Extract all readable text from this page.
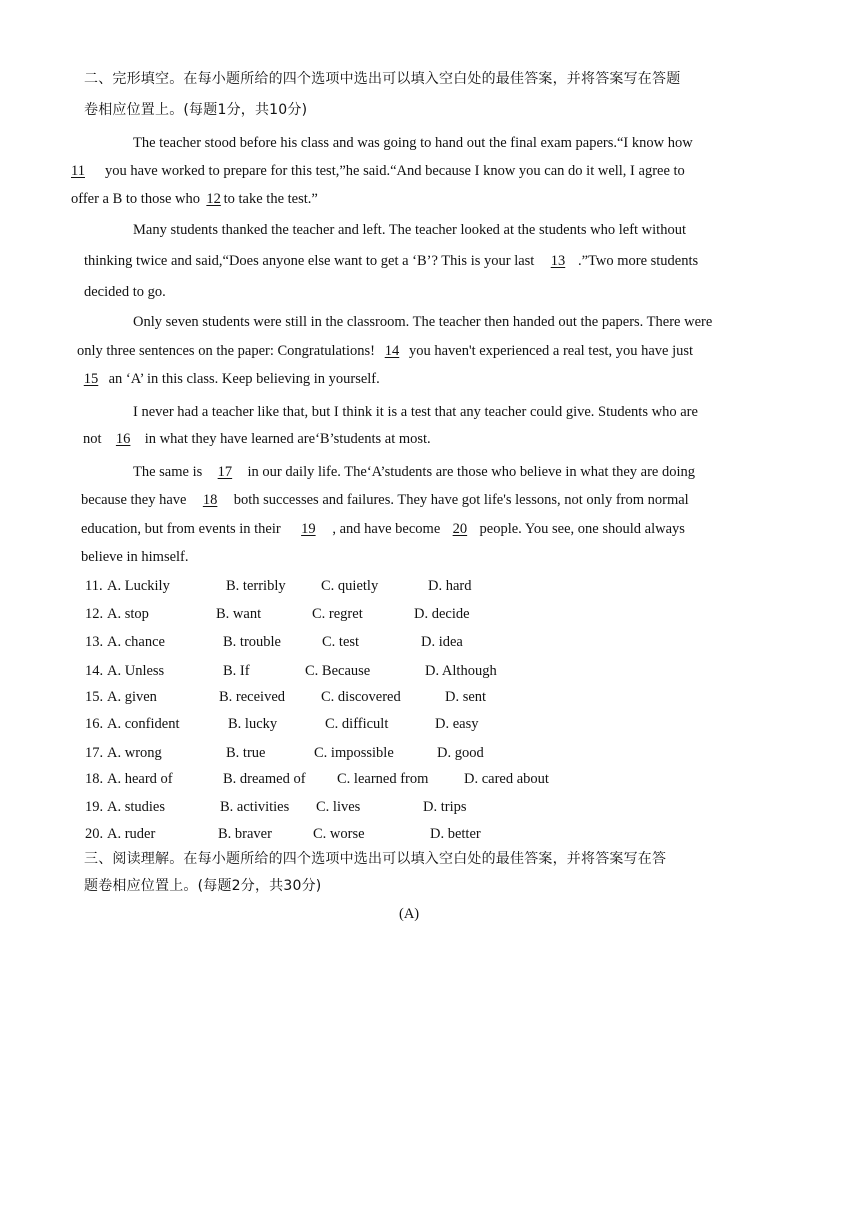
二、完形填空。在每小题所给的四个选项中选出可以填入空白处的最佳答案，并将答案写在答题
卷相应位置上。(每题1分，共10分)
The teacher stood before his class and was going to hand out the final exam papers.“I know how
11 you have worked to prepare for this test,”he said.“And because I know you can do it well, I agree to
offer a B to those who 12 to take the test.”
Many students thanked the teacher and left. The teacher looked at the students who left without
thinking twice and said,“Does anyone else want to get a ‘B’? This is your last 13 .”Two more students
decided to go.
Only seven students were still in the classroom. The teacher then handed out the papers. There were
only three sentences on the paper: Congratulations! 14 you haven't experienced a real test, you have just
15 an ‘A’ in this class. Keep believing in yourself.
I never had a teacher like that, but I think it is a test that any teacher could give. Students who are
not 16 in what they have learned are‘B’students at most.
The same is 17 in our daily life. The‘A’students are those who believe in what they are doing
because they have 18 both successes and failures. They have got life's lessons, not only from normal
education, but from events in their 19 , and have become 20 people. You see, one should always
believe in himself.
11. A. Luckily	B. terribly C. quietly	D. hard
12. A. stop	B. want	C. regret	D. decide
13. A. chance	B. trouble	C. test	D. idea
14. A. Unless	B. If	C. Because	D. Although
15. A. given	B. received C. discovered	D. sent
16. A. confident	B. lucky	C. difficult	D. easy
17. A. wrong	B. true	C. impossible	D. good
18. A. heard of	B. dreamed of C. learned from D. cared about
19. A. studies	B. activities C. lives	D. trips
20. A. ruder	B. braver	C. worse	D. better
三、阅读理解。在每小题所给的四个选项中选出可以填入空白处的最佳答案，并将答案写在答
题卷相应位置上。(每题2分，共30分)
(A)
